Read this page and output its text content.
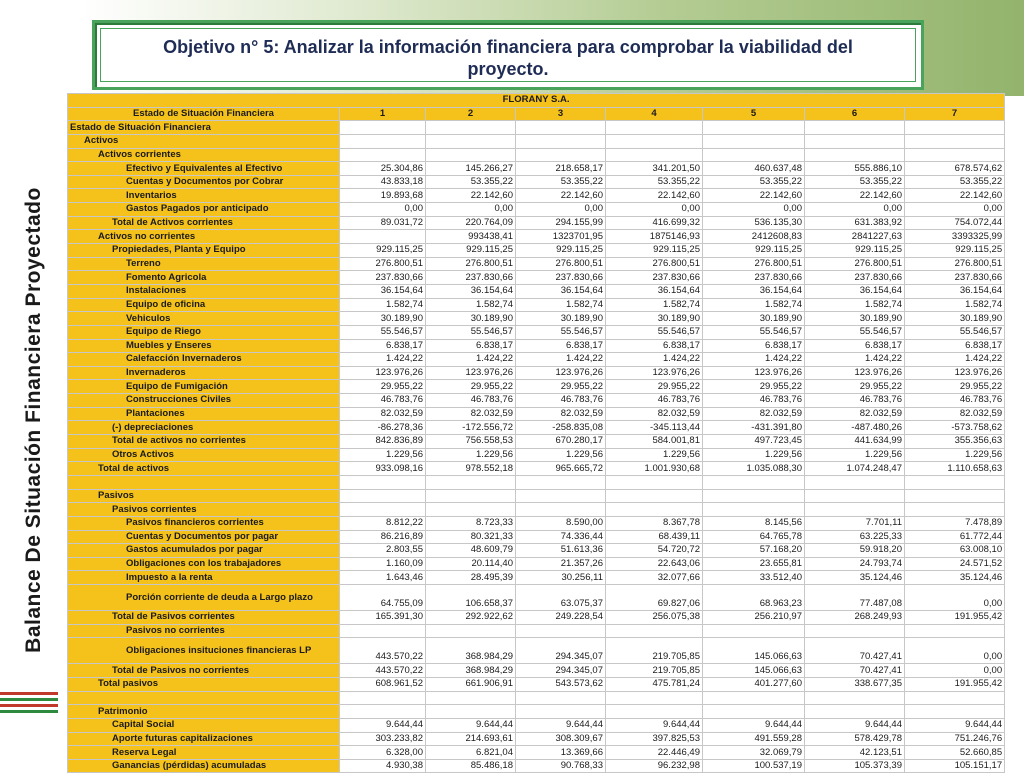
Objetivo n° 5: Analizar la información financiera para comprobar la viabilidad del proyecto.
Balance De Situación Financiera Proyectado
FLORANY S.A.							
Estado de Situación Financiera	1	2	3	4	5	6	7
Estado de Situación Financiera							
Activos							
Activos corrientes							
Efectivo y Equivalentes al Efectivo	25.304,86	145.266,27	218.658,17	341.201,50	460.637,48	555.886,10	678.574,62
Cuentas y Documentos por Cobrar	43.833,18	53.355,22	53.355,22	53.355,22	53.355,22	53.355,22	53.355,22
Inventarios	19.893,68	22.142,60	22.142,60	22.142,60	22.142,60	22.142,60	22.142,60
Gastos Pagados por anticipado	0,00	0,00	0,00	0,00	0,00	0,00	0,00
Total de Activos corrientes	89.031,72	220.764,09	294.155,99	416.699,32	536.135,30	631.383,92	754.072,44
Activos no corrientes		993438,41	1323701,95	1875146,93	2412608,83	2841227,63	3393325,99
Propiedades, Planta y Equipo	929.115,25	929.115,25	929.115,25	929.115,25	929.115,25	929.115,25	929.115,25
Terreno	276.800,51	276.800,51	276.800,51	276.800,51	276.800,51	276.800,51	276.800,51
Fomento Agricola	237.830,66	237.830,66	237.830,66	237.830,66	237.830,66	237.830,66	237.830,66
Instalaciones	36.154,64	36.154,64	36.154,64	36.154,64	36.154,64	36.154,64	36.154,64
Equipo de oficina	1.582,74	1.582,74	1.582,74	1.582,74	1.582,74	1.582,74	1.582,74
Vehiculos	30.189,90	30.189,90	30.189,90	30.189,90	30.189,90	30.189,90	30.189,90
Equipo de Riego	55.546,57	55.546,57	55.546,57	55.546,57	55.546,57	55.546,57	55.546,57
Muebles y Enseres	6.838,17	6.838,17	6.838,17	6.838,17	6.838,17	6.838,17	6.838,17
Calefacción Invernaderos	1.424,22	1.424,22	1.424,22	1.424,22	1.424,22	1.424,22	1.424,22
Invernaderos	123.976,26	123.976,26	123.976,26	123.976,26	123.976,26	123.976,26	123.976,26
Equipo de Fumigación	29.955,22	29.955,22	29.955,22	29.955,22	29.955,22	29.955,22	29.955,22
Construcciones Civiles	46.783,76	46.783,76	46.783,76	46.783,76	46.783,76	46.783,76	46.783,76
Plantaciones	82.032,59	82.032,59	82.032,59	82.032,59	82.032,59	82.032,59	82.032,59
(-) depreciaciones	-86.278,36	-172.556,72	-258.835,08	-345.113,44	-431.391,80	-487.480,26	-573.758,62
Total de activos no corrientes	842.836,89	756.558,53	670.280,17	584.001,81	497.723,45	441.634,99	355.356,63
Otros Activos	1.229,56	1.229,56	1.229,56	1.229,56	1.229,56	1.229,56	1.229,56
Total de activos	933.098,16	978.552,18	965.665,72	1.001.930,68	1.035.088,30	1.074.248,47	1.110.658,63

Pasivos							
Pasivos corrientes							
Pasivos financieros corrientes	8.812,22	8.723,33	8.590,00	8.367,78	8.145,56	7.701,11	7.478,89
Cuentas y Documentos por pagar	86.216,89	80.321,33	74.336,44	68.439,11	64.765,78	63.225,33	61.772,44
Gastos acumulados por pagar	2.803,55	48.609,79	51.613,36	54.720,72	57.168,20	59.918,20	63.008,10
Obligaciones con los trabajadores	1.160,09	20.114,40	21.357,26	22.643,06	23.655,81	24.793,74	24.571,52
Impuesto a la renta	1.643,46	28.495,39	30.256,11	32.077,66	33.512,40	35.124,46	35.124,46
Porción corriente de deuda a Largo plazo	64.755,09	106.658,37	63.075,37	69.827,06	68.963,23	77.487,08	0,00
Total de Pasivos corrientes	165.391,30	292.922,62	249.228,54	256.075,38	256.210,97	268.249,93	191.955,42
Pasivos no corrientes							
Obligaciones insituciones financieras LP	443.570,22	368.984,29	294.345,07	219.705,85	145.066,63	70.427,41	0,00
Total de Pasivos no corrientes	443.570,22	368.984,29	294.345,07	219.705,85	145.066,63	70.427,41	0,00
Total pasivos	608.961,52	661.906,91	543.573,62	475.781,24	401.277,60	338.677,35	191.955,42

Patrimonio							
Capital Social	9.644,44	9.644,44	9.644,44	9.644,44	9.644,44	9.644,44	9.644,44
Aporte futuras capitalizaciones	303.233,82	214.693,61	308.309,67	397.825,53	491.559,28	578.429,78	751.246,76
Reserva Legal	6.328,00	6.821,04	13.369,66	22.446,49	32.069,79	42.123,51	52.660,85
Ganancias (pérdidas) acumuladas	4.930,38	85.486,18	90.768,33	96.232,98	100.537,19	105.373,39	105.151,17
